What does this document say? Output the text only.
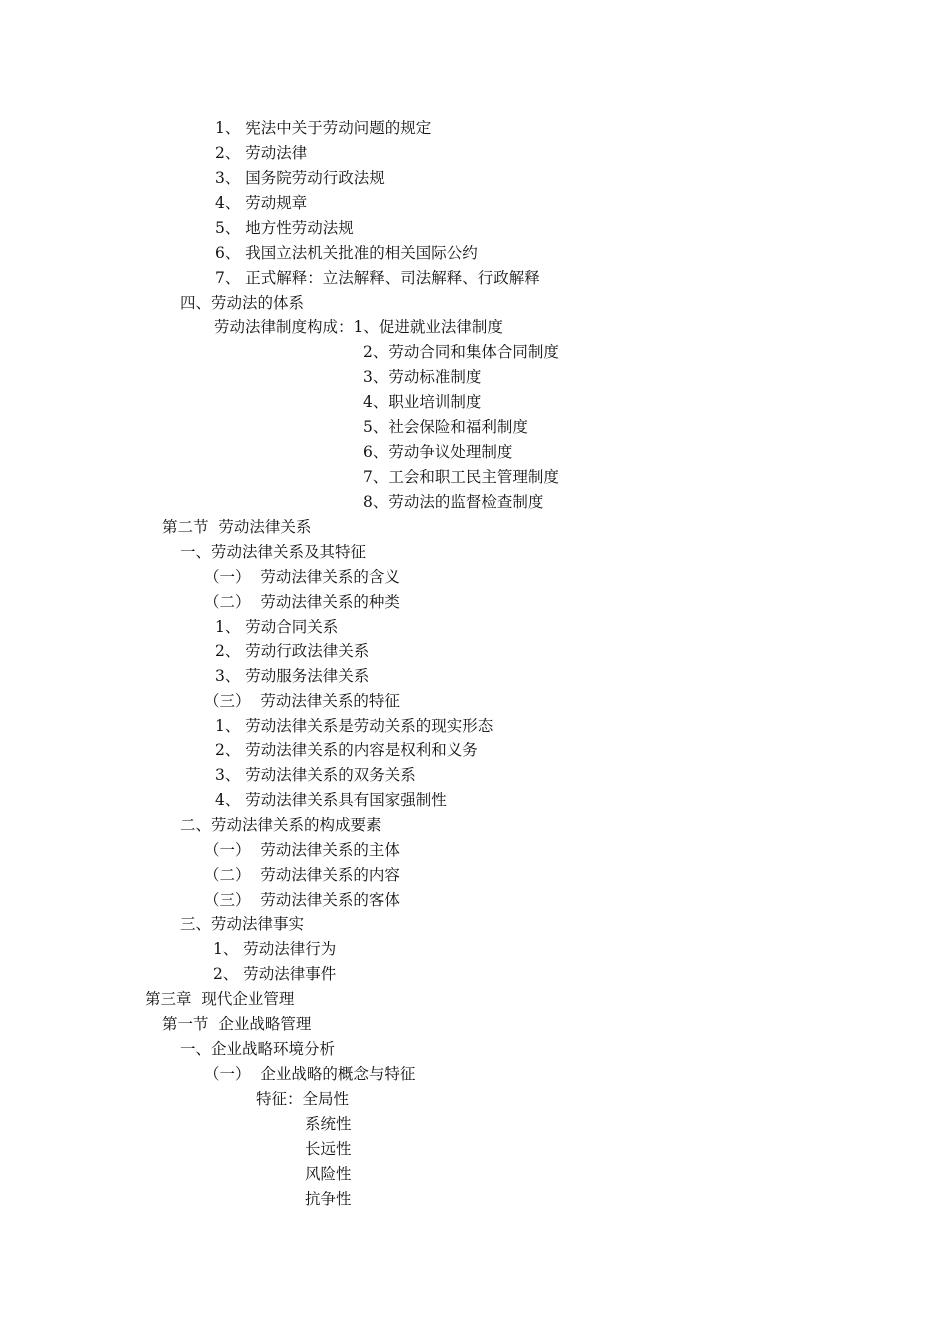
1、 宪法中关于劳动问题的规定
2、 劳动法律
3、 国务院劳动行政法规
4、 劳动规章
5、 地方性劳动法规
6、 我国立法机关批准的相关国际公约
7、 正式解释：立法解释、司法解释、行政解释
四、劳动法的体系
劳动法律制度构成：1、促进就业法律制度
2、劳动合同和集体合同制度
3、劳动标准制度
4、职业培训制度
5、社会保险和福利制度
6、劳动争议处理制度
7、工会和职工民主管理制度
8、劳动法的监督检查制度
第二节  劳动法律关系
一、劳动法律关系及其特征
（一）  劳动法律关系的含义
（二）  劳动法律关系的种类
1、 劳动合同关系
2、 劳动行政法律关系
3、 劳动服务法律关系
（三）  劳动法律关系的特征
1、 劳动法律关系是劳动关系的现实形态
2、 劳动法律关系的内容是权利和义务
3、 劳动法律关系的双务关系
4、 劳动法律关系具有国家强制性
二、劳动法律关系的构成要素
（一）  劳动法律关系的主体
（二）  劳动法律关系的内容
（三）  劳动法律关系的客体
三、劳动法律事实
1、 劳动法律行为
2、 劳动法律事件
第三章  现代企业管理
第一节  企业战略管理
一、企业战略环境分析
（一）  企业战略的概念与特征
特征：全局性
系统性
长远性
风险性
抗争性
